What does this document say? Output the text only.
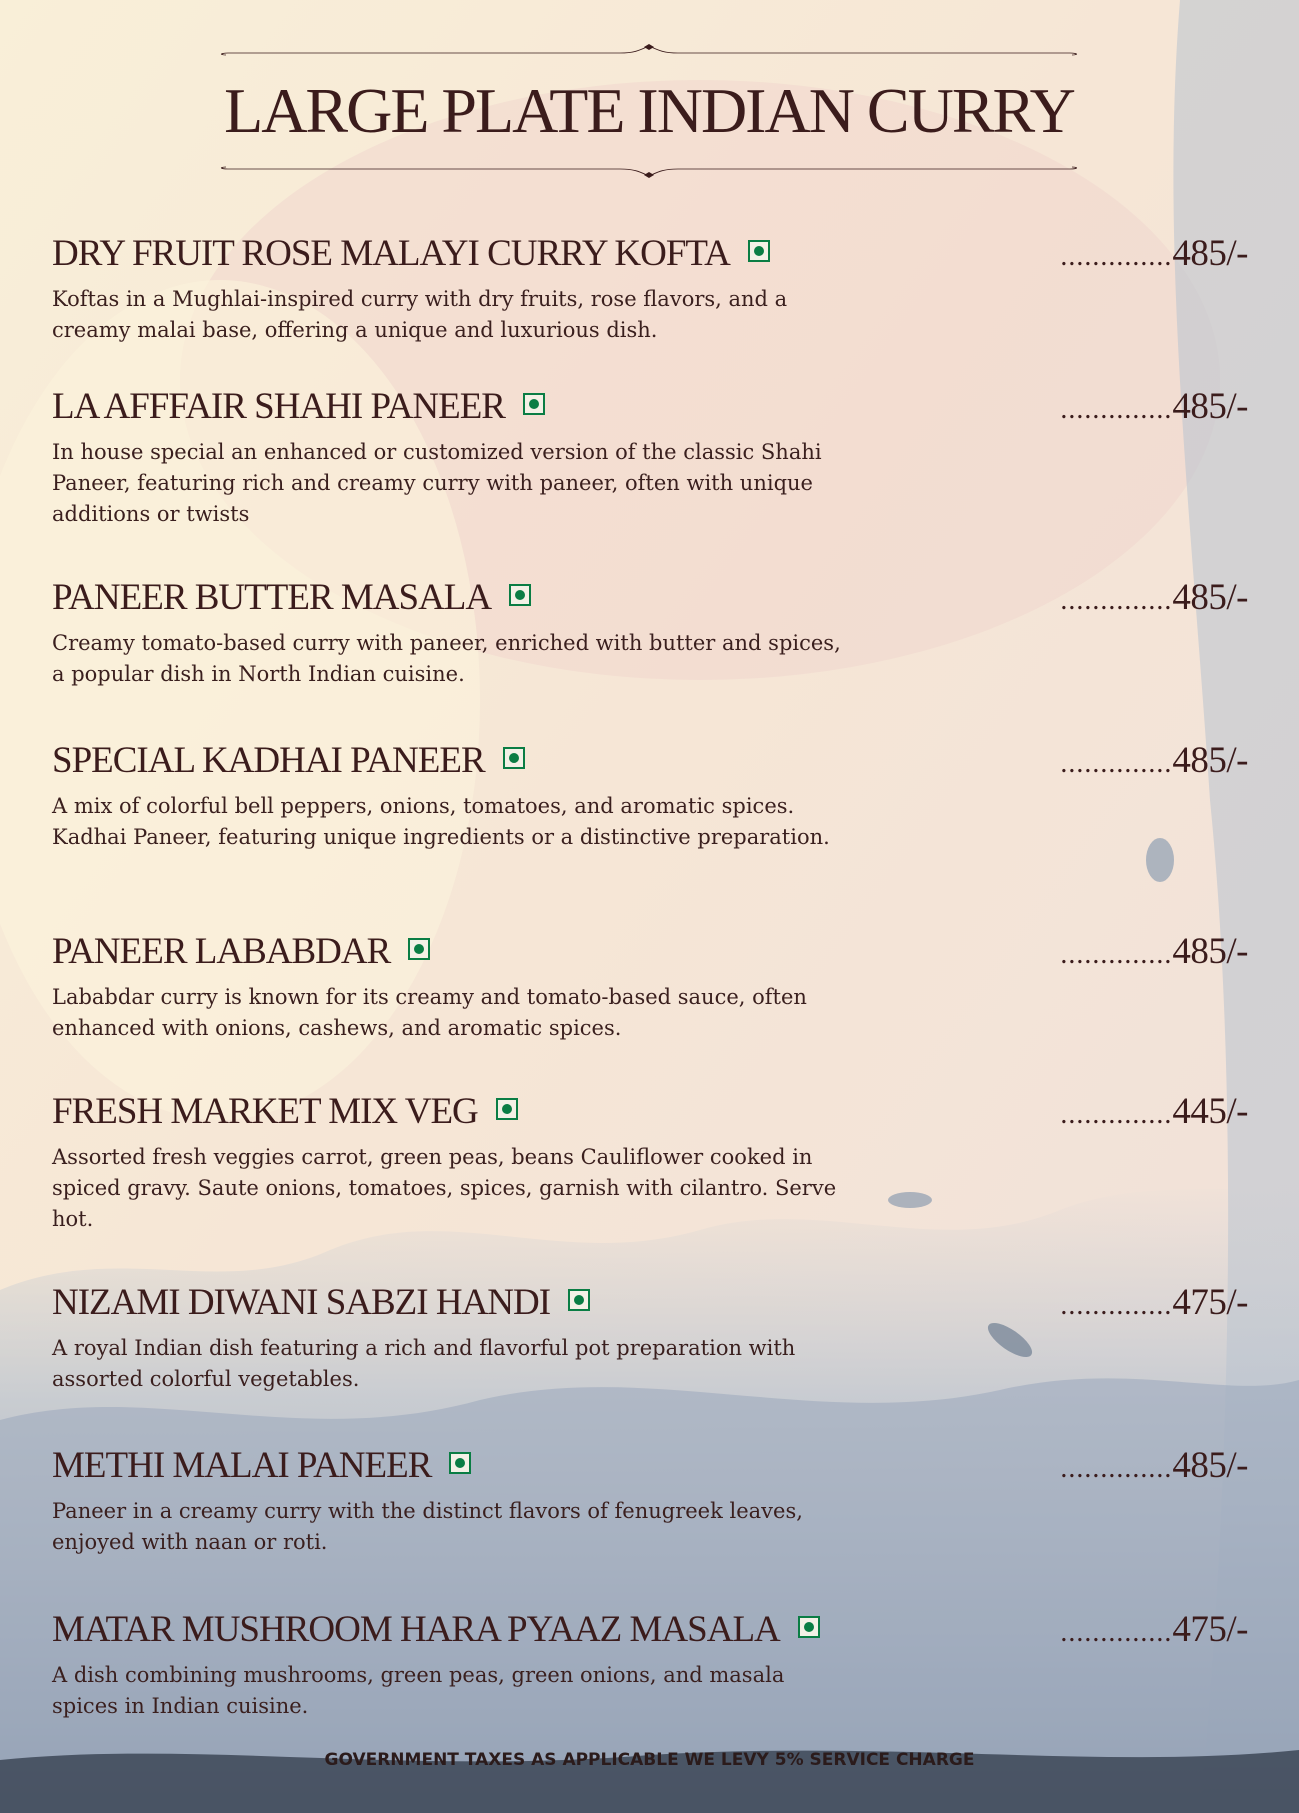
LARGE PLATE INDIAN CURRY
DRY FRUIT ROSE MALAYI CURRY KOFTA	..............485/-
Koftas in a Mughlai-inspired curry with dry fruits, rose flavors, and a creamy malai base, offering a unique and luxurious dish.
LA AFFFAIR SHAHI PANEER	..............485/-
In house special an enhanced or customized version of the classic Shahi Paneer, featuring rich and creamy curry with paneer, often with unique additions or twists
PANEER BUTTER MASALA	..............485/-
Creamy tomato-based curry with paneer, enriched with butter and spices, a popular dish in North Indian cuisine.
SPECIAL KADHAI PANEER	..............485/-
A mix of colorful bell peppers, onions, tomatoes, and aromatic spices. Kadhai Paneer, featuring unique ingredients or a distinctive preparation.
PANEER LABABDAR	..............485/-
Lababdar curry is known for its creamy and tomato-based sauce, often enhanced with onions, cashews, and aromatic spices.
FRESH MARKET MIX VEG	..............445/-
Assorted fresh veggies carrot, green peas, beans Cauliflower cooked in spiced gravy. Saute onions, tomatoes, spices, garnish with cilantro. Serve hot.
NIZAMI DIWANI SABZI HANDI	..............475/-
A royal Indian dish featuring a rich and flavorful pot preparation with assorted colorful vegetables.
METHI MALAI PANEER	..............485/-
Paneer in a creamy curry with the distinct flavors of fenugreek leaves, enjoyed with naan or roti.
MATAR MUSHROOM HARA PYAAZ MASALA	..............475/-
A dish combining mushrooms, green peas, green onions, and masala spices in Indian cuisine.
GOVERNMENT TAXES AS APPLICABLE WE LEVY 5% SERVICE CHARGE
